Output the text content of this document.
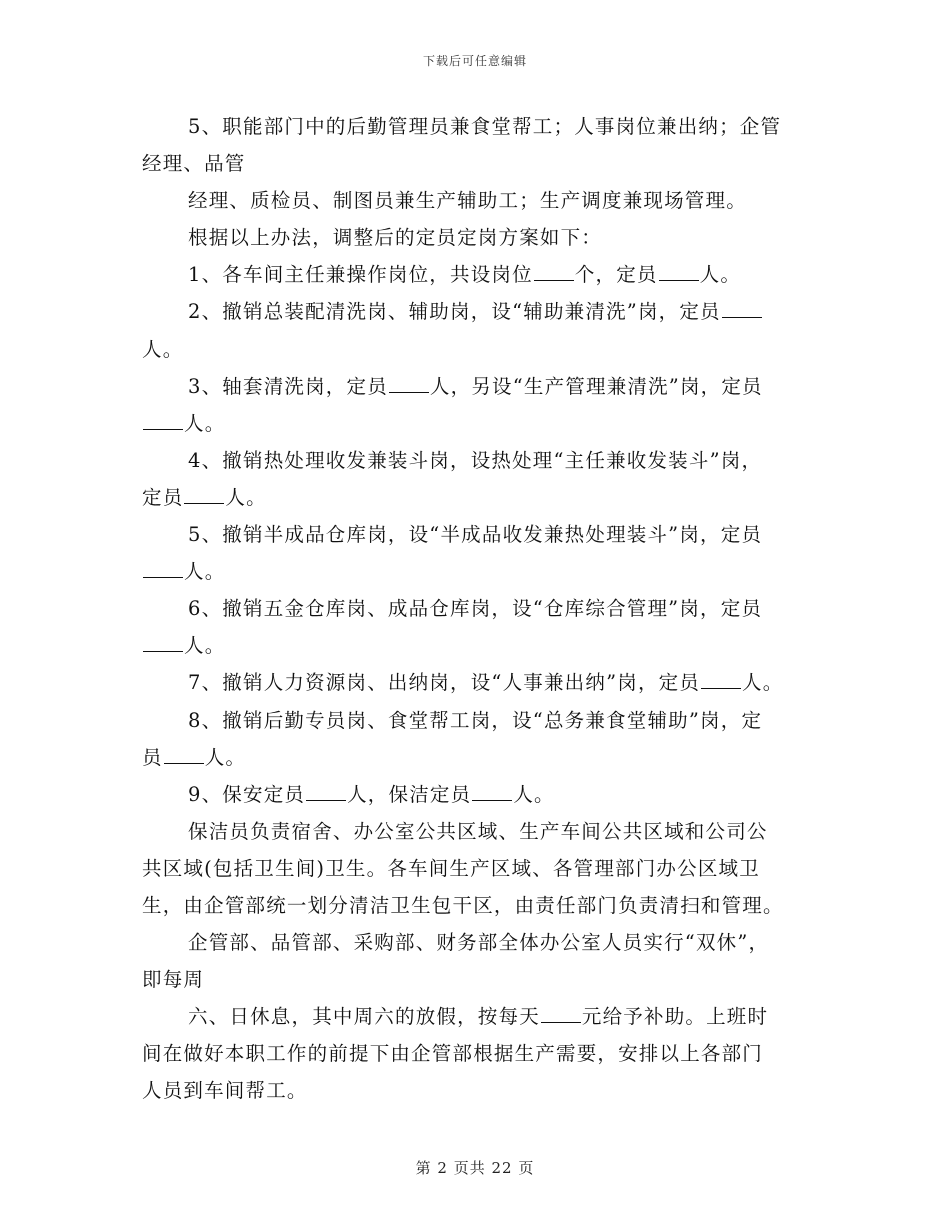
下载后可任意编辑
5、职能部门中的后勤管理员兼食堂帮工；人事岗位兼出纳；企管
经理、品管
经理、质检员、制图员兼生产辅助工；生产调度兼现场管理。
根据以上办法，调整后的定员定岗方案如下：
1、各车间主任兼操作岗位，共设岗位 个，定员 人。
2、撤销总装配清洗岗、辅助岗，设“辅助兼清洗”岗，定员
人。
3、轴套清洗岗，定员 人，另设“生产管理兼清洗”岗，定员
人。
4、撤销热处理收发兼装斗岗，设热处理“主任兼收发装斗”岗，
定员 人。
5、撤销半成品仓库岗，设“半成品收发兼热处理装斗”岗，定员
人。
6、撤销五金仓库岗、成品仓库岗，设“仓库综合管理”岗，定员
人。
7、撤销人力资源岗、出纳岗，设“人事兼出纳”岗，定员 人。
8、撤销后勤专员岗、食堂帮工岗，设“总务兼食堂辅助”岗，定
员 人。
9、保安定员 人，保洁定员 人。
保洁员负责宿舍、办公室公共区域、生产车间公共区域和公司公
共区域(包括卫生间)卫生。各车间生产区域、各管理部门办公区域卫
生，由企管部统一划分清洁卫生包干区，由责任部门负责清扫和管理。
企管部、品管部、采购部、财务部全体办公室人员实行“双休”，
即每周
六、日休息，其中周六的放假，按每天 元给予补助。上班时
间在做好本职工作的前提下由企管部根据生产需要，安排以上各部门
人员到车间帮工。
第 2 页共 22 页
